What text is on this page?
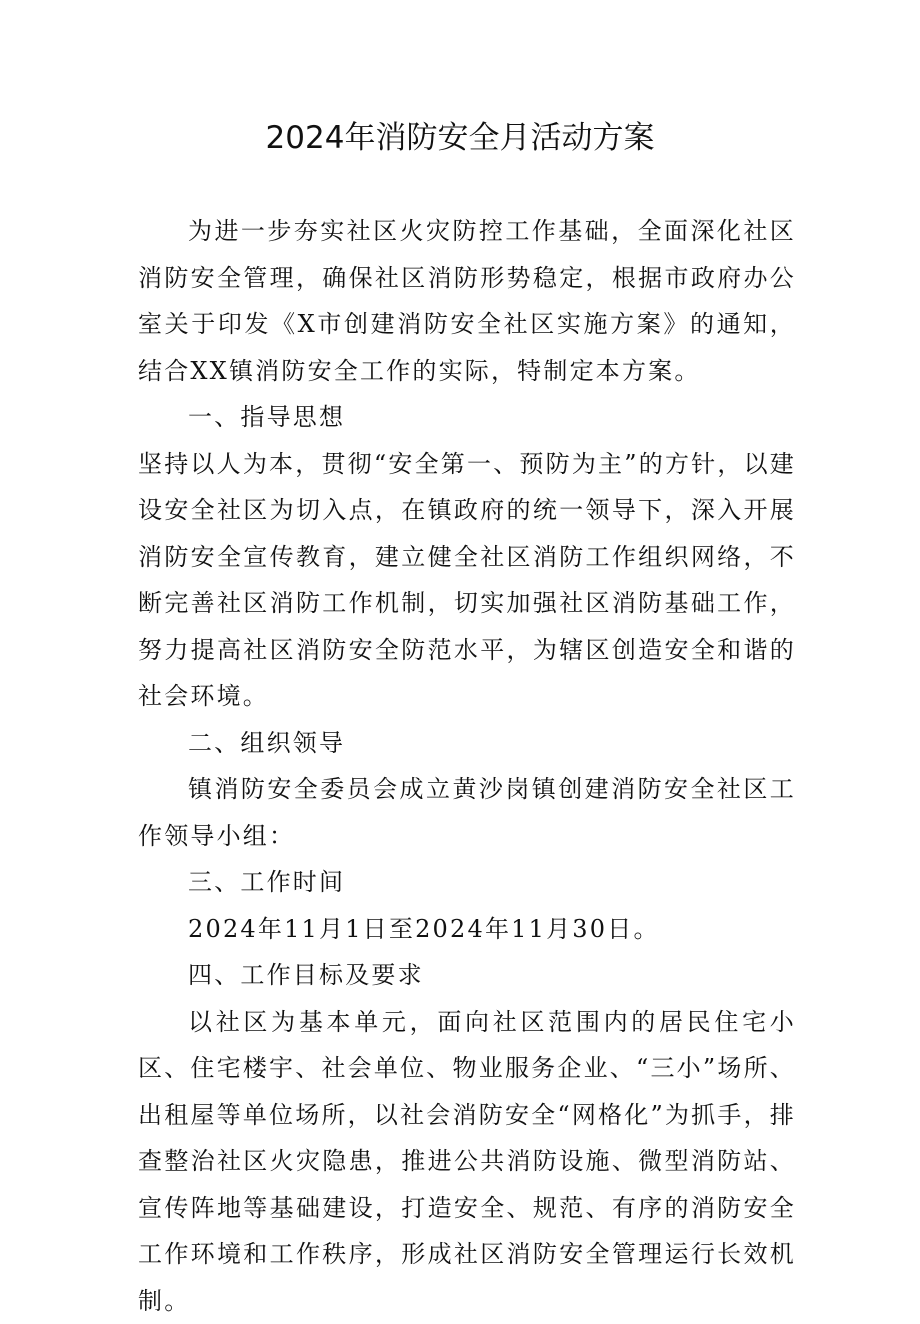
2024年消防安全月活动方案

为进一步夯实社区火灾防控工作基础，全面深化社区消防安全管理，确保社区消防形势稳定，根据市政府办公室关于印发《X市创建消防安全社区实施方案》的通知，结合XX镇消防安全工作的实际，特制定本方案。

一、指导思想

坚持以人为本，贯彻“安全第一、预防为主”的方针，以建设安全社区为切入点，在镇政府的统一领导下，深入开展消防安全宣传教育，建立健全社区消防工作组织网络，不断完善社区消防工作机制，切实加强社区消防基础工作，努力提高社区消防安全防范水平，为辖区创造安全和谐的社会环境。

二、组织领导

镇消防安全委员会成立黄沙岗镇创建消防安全社区工作领导小组：

三、工作时间

2024年11月1日至2024年11月30日。

四、工作目标及要求

以社区为基本单元，面向社区范围内的居民住宅小区、住宅楼宇、社会单位、物业服务企业、“三小”场所、出租屋等单位场所，以社会消防安全“网格化”为抓手，排查整治社区火灾隐患，推进公共消防设施、微型消防站、宣传阵地等基础建设，打造安全、规范、有序的消防安全工作环境和工作秩序，形成社区消防安全管理运行长效机制。
